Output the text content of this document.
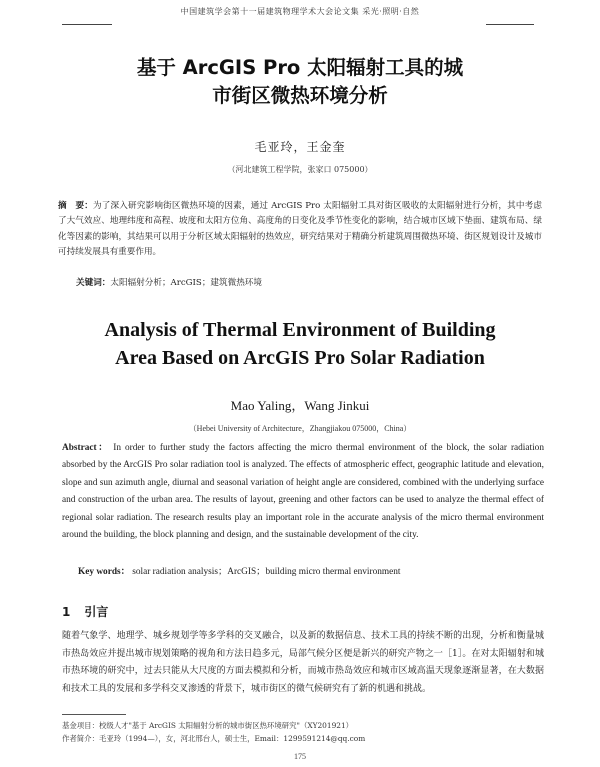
中国建筑学会第十一届建筑物理学术大会论文集 采光·照明·自然
基于 ArcGIS Pro 太阳辐射工具的城
市街区微热环境分析
毛亚玲，王金奎
（河北建筑工程学院，张家口 075000）
摘　要：为了深入研究影响街区微热环境的因素，通过 ArcGIS Pro 太阳辐射工具对街区吸收的太阳辐射进行分析，其中考虑了大气效应、地理纬度和高程、坡度和太阳方位角、高度角的日变化及季节性变化的影响，结合城市区域下垫面、建筑布局、绿化等因素的影响，其结果可以用于分析区域太阳辐射的热效应，研究结果对于精确分析建筑周围微热环境、街区规划设计及城市可持续发展具有重要作用。
关键词：太阳辐射分析；ArcGIS；建筑微热环境
Analysis of Thermal Environment of Building
Area Based on ArcGIS Pro Solar Radiation
Mao Yaling，Wang Jinkui
（Hebei University of Architecture，Zhangjiakou 075000，China）
Abstract： In order to further study the factors affecting the micro thermal environment of the block, the solar radiation absorbed by the ArcGIS Pro solar radiation tool is analyzed. The effects of atmospheric effect, geographic latitude and elevation, slope and sun azimuth angle, diurnal and seasonal variation of height angle are considered, combined with the underlying surface and construction of the urban area. The results of layout, greening and other factors can be used to analyze the thermal effect of regional solar radiation. The research results play an important role in the accurate analysis of the micro thermal environment around the building, the block planning and design, and the sustainable development of the city.
Key words： solar radiation analysis；ArcGIS；building micro thermal environment
1 引言
随着气象学、地理学、城乡规划学等多学科的交叉融合，以及新的数据信息、技术工具的持续不断的出现，分析和衡量城市热岛效应并提出城市规划策略的视角和方法日趋多元，局部气候分区便是新兴的研究产物之一［1］。在对太阳辐射和城市热环境的研究中，过去只能从大尺度的方面去模拟和分析，而城市热岛效应和城市区域高温天现象逐渐显著，在大数据和技术工具的发展和多学科交叉渗透的背景下，城市街区的微气候研究有了新的机遇和挑战。
基金项目：校级人才"基于 ArcGIS 太阳辐射分析的城市街区热环境研究"（XY201921）
作者简介：毛亚玲（1994—），女，河北邢台人，硕士生，Email：1299591214@qq.com
175
